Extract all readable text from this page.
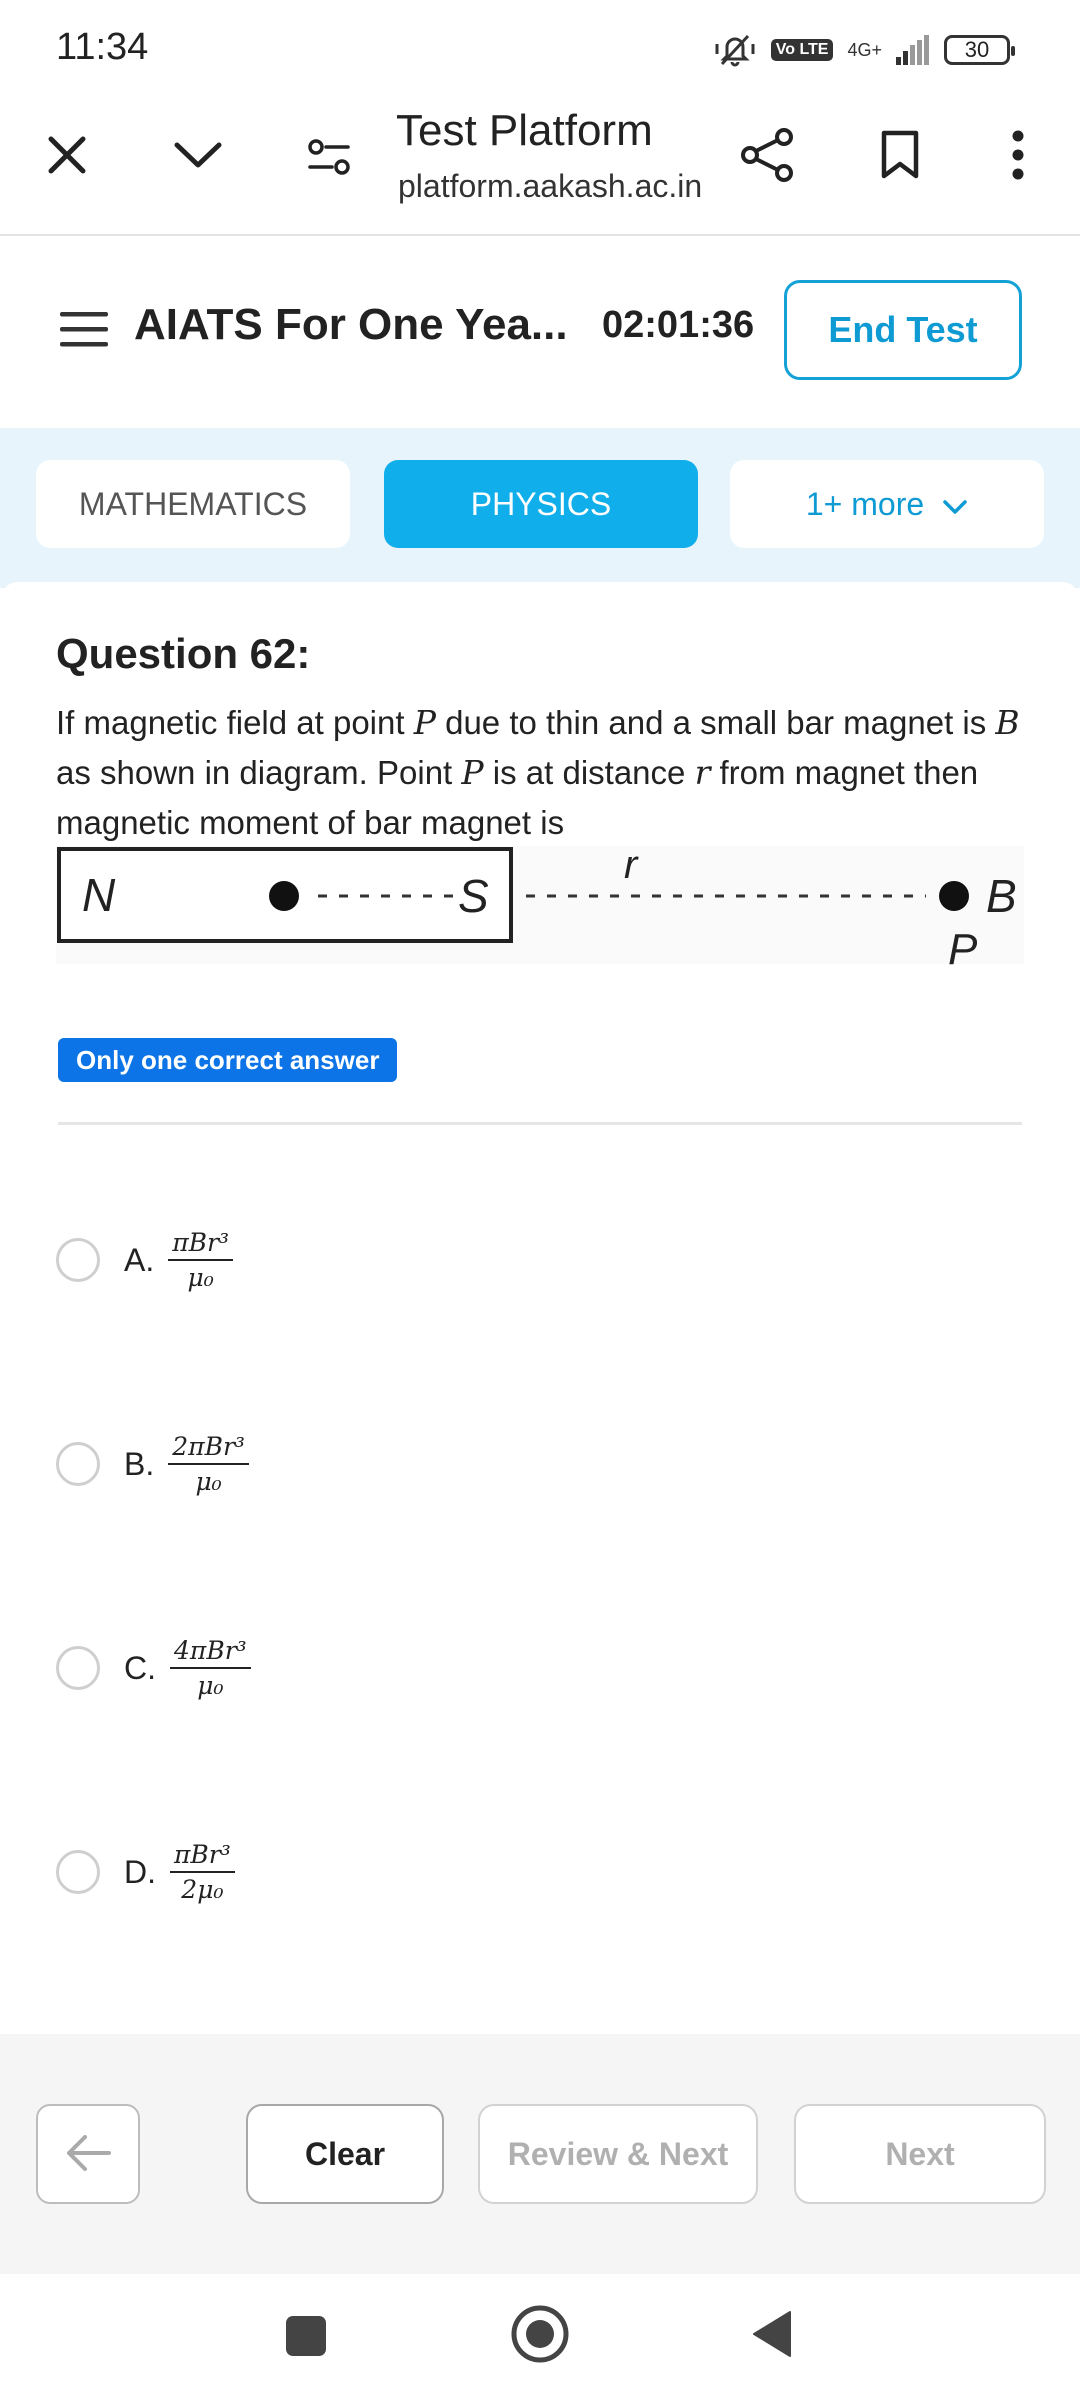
11:34	Vo LTE 4G+	30
Test Platform
platform.aakash.ac.in
AIATS For One Yea... 02:01:36	End Test
MATHEMATICS	PHYSICS	1+ more
Question 62:
If magnetic field at point P due to thin and a small bar magnet is B as shown in diagram. Point P is at distance r from magnet then magnetic moment of bar magnet is
N	S
r
B
P
Only one correct answer
A. $\frac{\text{πBr³}}{\text{μ₀}}$
B. $\frac{\text{2πBr³}}{\text{μ₀}}$
C. $\frac{\text{4πBr³}}{\text{μ₀}}$
D. $\frac{\text{πBr³}}{\text{2μ₀}}$
Clear	Review & Next	Next
